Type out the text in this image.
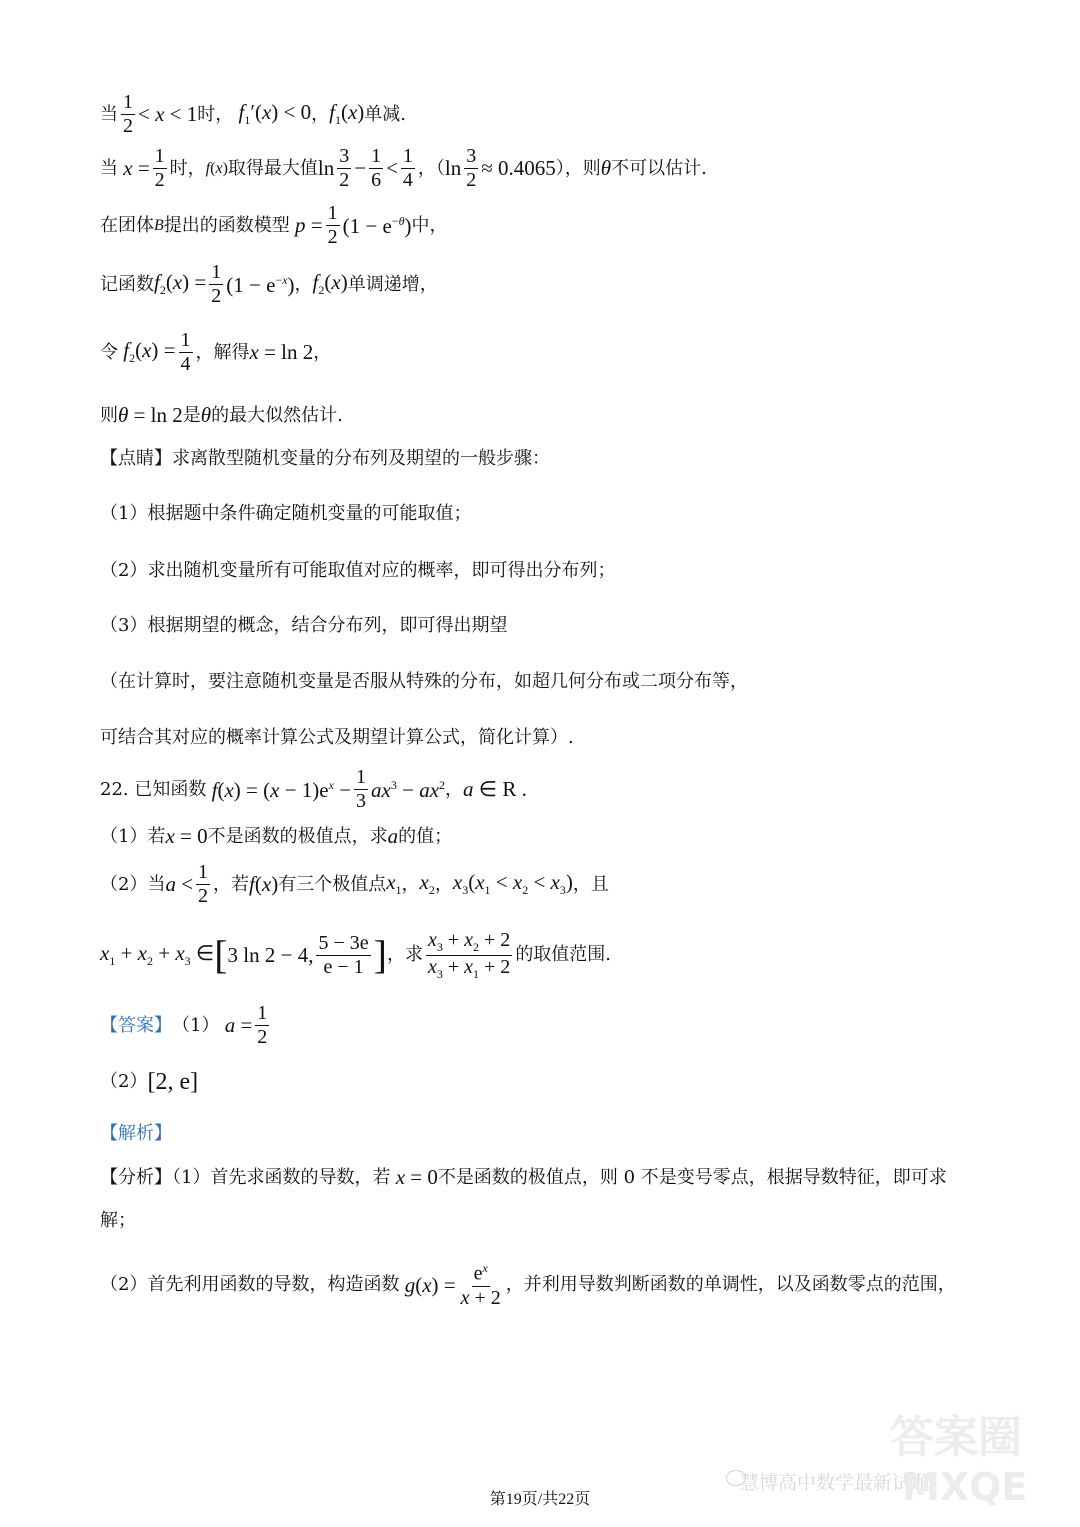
当 $\frac{1}{2} < x < 1$ 时， $f_1'(x) < 0$ ， $f_1(x)$ 单减.
当 $x = \frac{1}{2}$ 时， f(x) 取得最大值 $\ln \frac{3}{2} - \frac{1}{6} < \frac{1}{4}$ ，（ $\ln \frac{3}{2} \approx 0.4065$ ），则 θ 不可以估计.
在团体 B 提出的函数模型 $p = \frac{1}{2} (1 - e^{-\theta})$ 中，
记函数 $f_2(x) = \frac{1}{2} (1 - e^{-x})$ ， $f_2(x)$ 单调递增，
令 $f_2(x) = \frac{1}{4}$ ，解得 x = ln 2 ，
则 θ = ln 2 是 θ 的最大似然估计.
【点睛】求离散型随机变量的分布列及期望的一般步骤：
（1）根据题中条件确定随机变量的可能取值；
（2）求出随机变量所有可能取值对应的概率，即可得出分布列；
（3）根据期望的概念，结合分布列，即可得出期望
（在计算时，要注意随机变量是否服从特殊的分布，如超几何分布或二项分布等，
可结合其对应的概率计算公式及期望计算公式，简化计算）.
22. 已知函数 $f(x) = (x - 1)e^x - \frac{1}{3} ax^3 - ax^2$ ， a ∈ R .
（1）若 x = 0 不是函数的极值点，求 a 的值；
（2）当 $a < \frac{1}{2}$ ，若 f(x) 有三个极值点 $x_1$ ， $x_2$ ， $x_3(x_1 < x_2 < x_3)$ ，且
$x_1 + x_2 + x_3$ ∈ [ 3 ln 2 − 4, $\frac{5 - 3e}{e - 1}$ ] ，求 $\frac{x_3 + x_2 + 2}{x_3 + x_1 + 2}$ 的取值范围.
【答案】 （1） $a = \frac{1}{2}$
（2） [2, e]
【解析】
【分析】（1）首先求函数的导数，若 x = 0 不是函数的极值点，则 0 不是变号零点，根据导数特征，即可求
解；
（2）首先利用函数的导数，构造函数 $g(x) = \frac{e^x}{x + 2}$ ，并利用导数判断函数的单调性，以及函数零点的范围，
慧博高中数学最新试题
答案圈
MXQE
第19页/共22页
